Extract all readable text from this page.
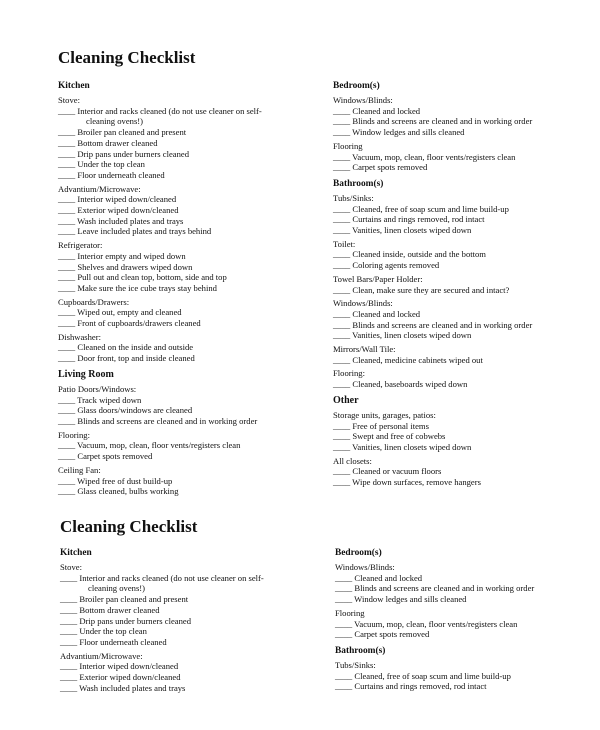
Cleaning Checklist
Kitchen
Stove:
____ Interior and racks cleaned (do not use cleaner on self-
cleaning ovens!)
____ Broiler pan cleaned and present
____ Bottom drawer cleaned
____ Drip pans under burners cleaned
____ Under the top clean
____ Floor underneath cleaned
Advantium/Microwave:
____ Interior wiped down/cleaned
____ Exterior wiped down/cleaned
____ Wash included plates and trays
____ Leave included plates and trays behind
Refrigerator:
____ Interior empty and wiped down
____ Shelves and drawers wiped down
____ Pull out and clean top, bottom, side and top
____ Make sure the ice cube trays stay behind
Cupboards/Drawers:
____ Wiped out, empty and cleaned
____ Front of cupboards/drawers cleaned
Dishwasher:
____ Cleaned on the inside and outside
____ Door front, top and inside cleaned
Living Room
Patio Doors/Windows:
____ Track wiped down
____ Glass doors/windows are cleaned
____ Blinds and screens are cleaned and in working order
Flooring:
____ Vacuum, mop, clean, floor vents/registers clean
____ Carpet spots removed
Ceiling Fan:
____ Wiped free of dust build-up
____ Glass cleaned, bulbs working
Bedroom(s)
Windows/Blinds:
____ Cleaned and locked
____ Blinds and screens are cleaned and in working order
____ Window ledges and sills cleaned
Flooring
____ Vacuum, mop, clean, floor vents/registers clean
____ Carpet spots removed
Bathroom(s)
Tubs/Sinks:
____ Cleaned, free of soap scum and lime build-up
____ Curtains and rings removed, rod intact
____ Vanities, linen closets wiped down
Toilet:
____ Cleaned inside, outside and the bottom
____ Coloring agents removed
Towel Bars/Paper Holder:
____ Clean, make sure they are secured and intact?
Windows/Blinds:
____ Cleaned and locked
____ Blinds and screens are cleaned and in working order
____ Vanities, linen closets wiped down
Mirrors/Wall Tile:
____ Cleaned, medicine cabinets wiped out
Flooring:
____ Cleaned, baseboards wiped down
Other
Storage units, garages, patios:
____ Free of personal items
____ Swept and free of cobwebs
____ Vanities, linen closets wiped down
All closets:
____ Cleaned or vacuum floors
____ Wipe down surfaces, remove hangers
Cleaning Checklist
Kitchen
Stove:
____ Interior and racks cleaned (do not use cleaner on self-
cleaning ovens!)
____ Broiler pan cleaned and present
____ Bottom drawer cleaned
____ Drip pans under burners cleaned
____ Under the top clean
____ Floor underneath cleaned
Advantium/Microwave:
____ Interior wiped down/cleaned
____ Exterior wiped down/cleaned
____ Wash included plates and trays
Bedroom(s)
Windows/Blinds:
____ Cleaned and locked
____ Blinds and screens are cleaned and in working order
____ Window ledges and sills cleaned
Flooring
____ Vacuum, mop, clean, floor vents/registers clean
____ Carpet spots removed
Bathroom(s)
Tubs/Sinks:
____ Cleaned, free of soap scum and lime build-up
____ Curtains and rings removed, rod intact
